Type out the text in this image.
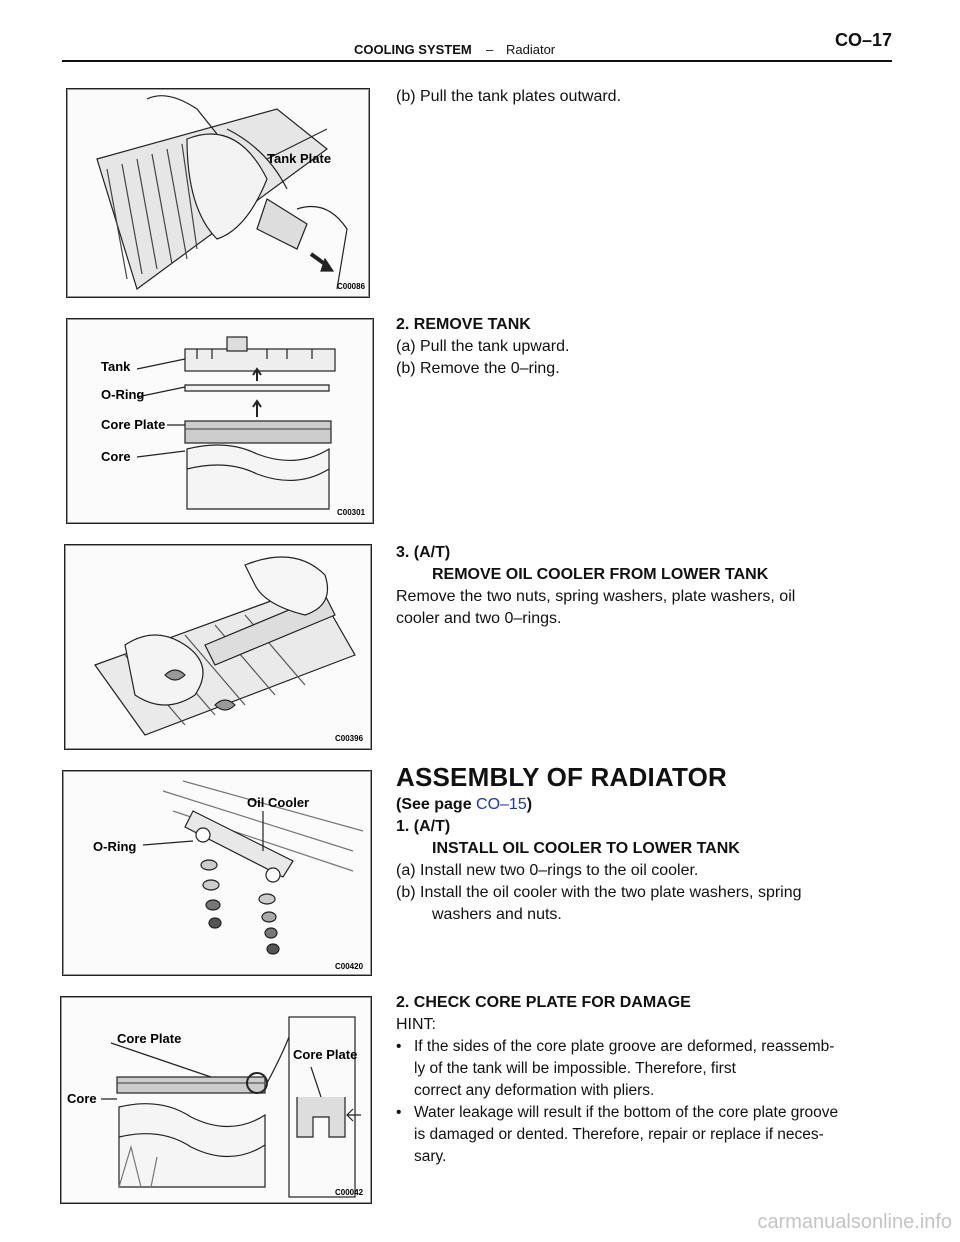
COOLING SYSTEM – Radiator	CO–17
Tank Plate
C00086

(b) Pull the tank plates outward.

Tank
O-Ring
Core Plate
Core
C00301

2. REMOVE TANK

(a) Pull the tank upward.

(b) Remove the 0–ring.

C00396

3. (A/T)

REMOVE OIL COOLER FROM LOWER TANK

Remove the two nuts, spring washers, plate washers, oil

cooler and two 0–rings.

Oil Cooler
O-Ring
C00420

ASSEMBLY OF RADIATOR

(See page CO–15)

1. (A/T)

INSTALL OIL COOLER TO LOWER TANK

(a) Install new two 0–rings to the oil cooler.

(b) Install the oil cooler with the two plate washers, spring

washers and nuts.

Core Plate
Core Plate
Core
C00042

2. CHECK CORE PLATE FOR DAMAGE

HINT:

• If the sides of the core plate groove are deformed, reassemb-

ly of the tank will be impossible. Therefore, first

correct any deformation with pliers.

• Water leakage will result if the bottom of the core plate groove

is damaged or dented. Therefore, repair or replace if neces-

sary.

carmanualsonline.info
